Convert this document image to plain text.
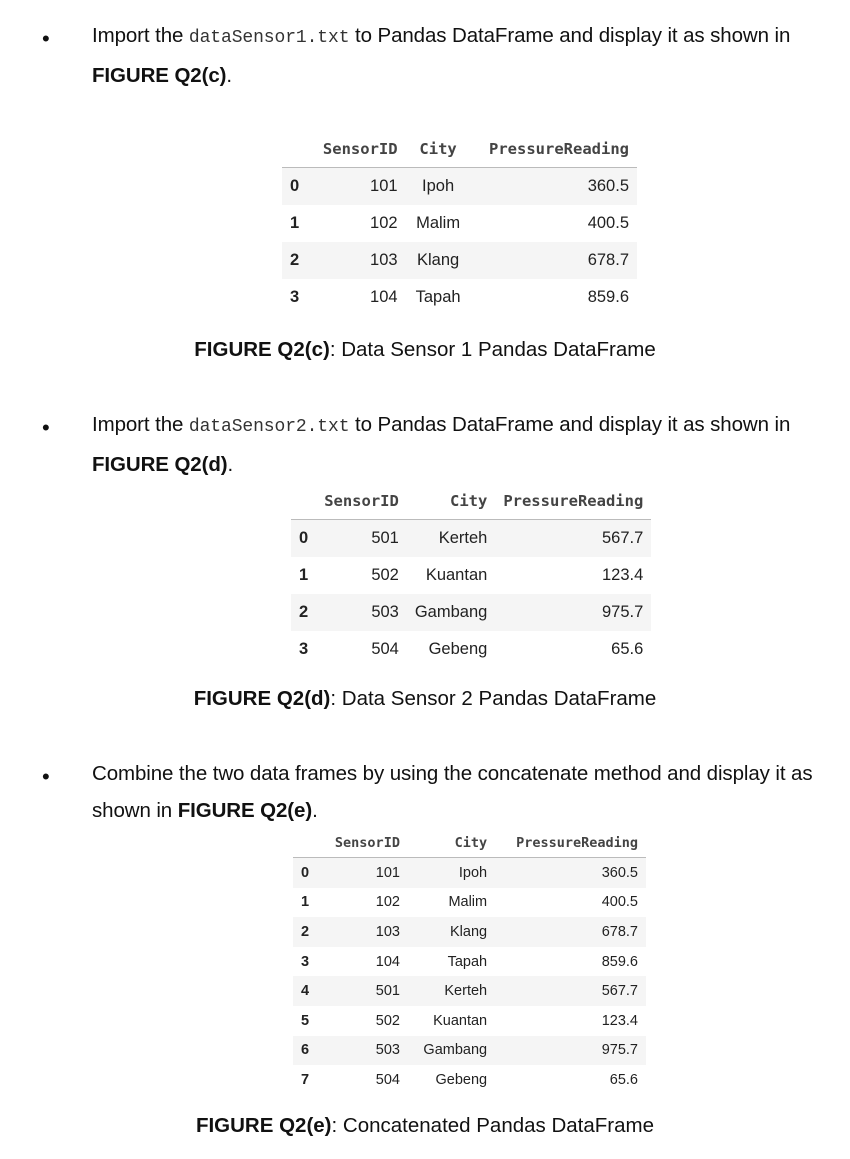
• Import the dataSensor1.txt to Pandas DataFrame and display it as shown in FIGURE Q2(c).
	SensorID	City	PressureReading
0	101	Ipoh	360.5
1	102	Malim	400.5
2	103	Klang	678.7
3	104	Tapah	859.6
FIGURE Q2(c): Data Sensor 1 Pandas DataFrame
• Import the dataSensor2.txt to Pandas DataFrame and display it as shown in FIGURE Q2(d).
	SensorID	City	PressureReading
0	501	Kerteh	567.7
1	502	Kuantan	123.4
2	503	Gambang	975.7
3	504	Gebeng	65.6
FIGURE Q2(d): Data Sensor 2 Pandas DataFrame
• Combine the two data frames by using the concatenate method and display it as shown in FIGURE Q2(e).
	SensorID	City	PressureReading
0	101	Ipoh	360.5
1	102	Malim	400.5
2	103	Klang	678.7
3	104	Tapah	859.6
4	501	Kerteh	567.7
5	502	Kuantan	123.4
6	503	Gambang	975.7
7	504	Gebeng	65.6
FIGURE Q2(e): Concatenated Pandas DataFrame
